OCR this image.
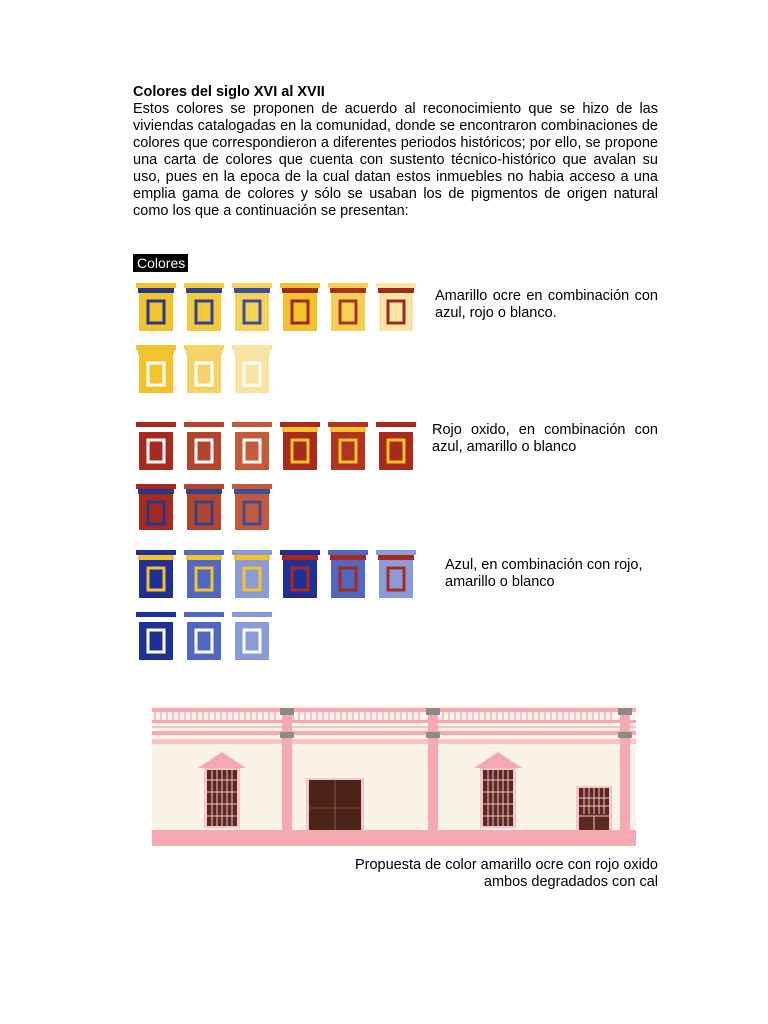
Colores del siglo XVI al XVII
Estos colores se proponen de acuerdo al reconocimiento que se hizo de las viviendas catalogadas en la comunidad, donde se encontraron combinaciones de colores que correspondieron a diferentes periodos históricos; por ello, se propone una carta de colores que cuenta con sustento técnico-histórico que avalan su uso, pues en la epoca de la cual datan estos inmuebles no habia acceso a una emplia gama de colores y sólo se usaban los de pigmentos de origen natural como los que a continuación se presentan:
Colores
Amarillo ocre en combinación con azul, rojo o blanco.
Rojo oxido, en combinación con azul, amarillo o blanco
Azul, en combinación con rojo, amarillo o blanco
Propuesta de color amarillo ocre con rojo oxido
ambos degradados con cal
